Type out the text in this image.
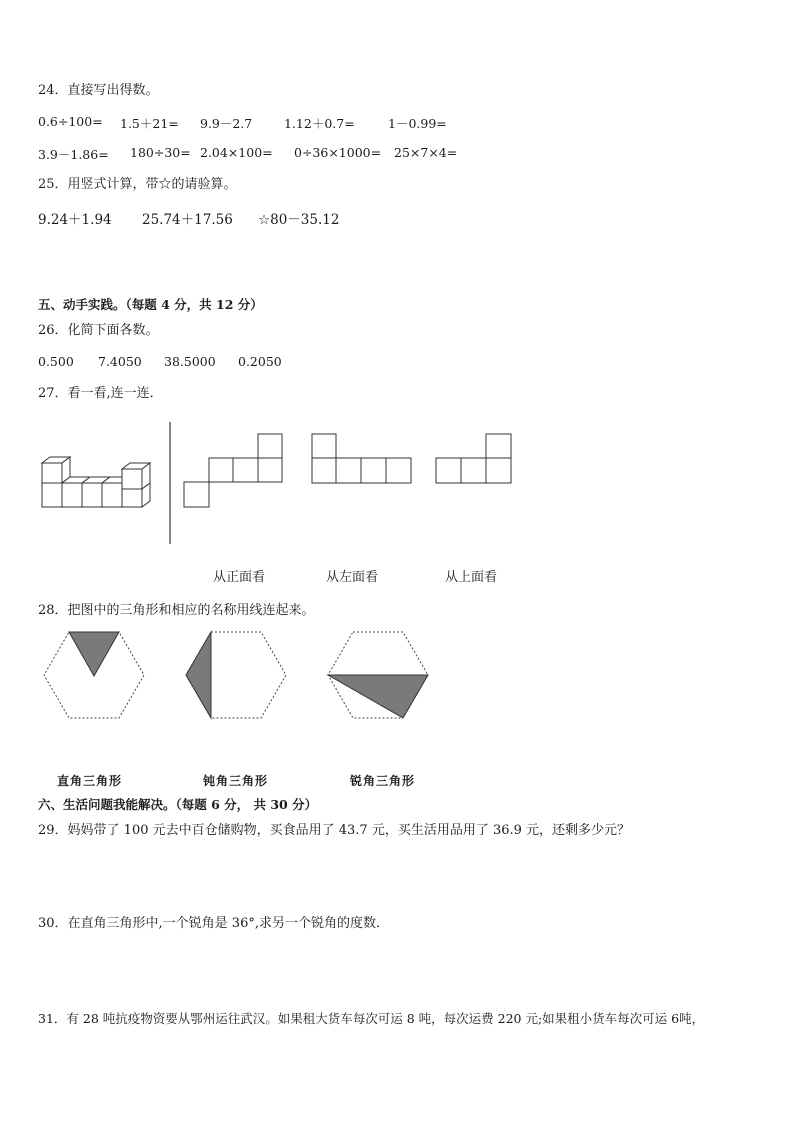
24．直接写出得数。
0.6÷100= 1.5＋21= 9.9－2.7	1.12＋0.7=	1－0.99=
3.9－1.86= 180÷30= 2.04×100= 0÷36×1000= 25×7×4=
25．用竖式计算，带☆的请验算。
9.24＋1.94 25.74＋17.56 ☆80－35.12
五、动手实践。（每题 4 分，共 12 分）
26．化简下面各数。
0.500 7.4050 38.5000 0.2050
27．看一看,连一连．
从正面看	从左面看	从上面看
28．把图中的三角形和相应的名称用线连起来。
直角三角形	钝角三角形	锐角三角形
六、生活问题我能解决。（每题 6 分， 共 30 分）
29．妈妈带了 100 元去中百仓储购物，买食品用了 43.7 元，买生活用品用了 36.9 元，还剩多少元？
30．在直角三角形中,一个锐角是 36°,求另一个锐角的度数．
31．有 28 吨抗疫物资要从鄂州运往武汉。如果租大货车每次可运 8 吨，每次运费 220 元;如果租小货车每次可运 6吨，
